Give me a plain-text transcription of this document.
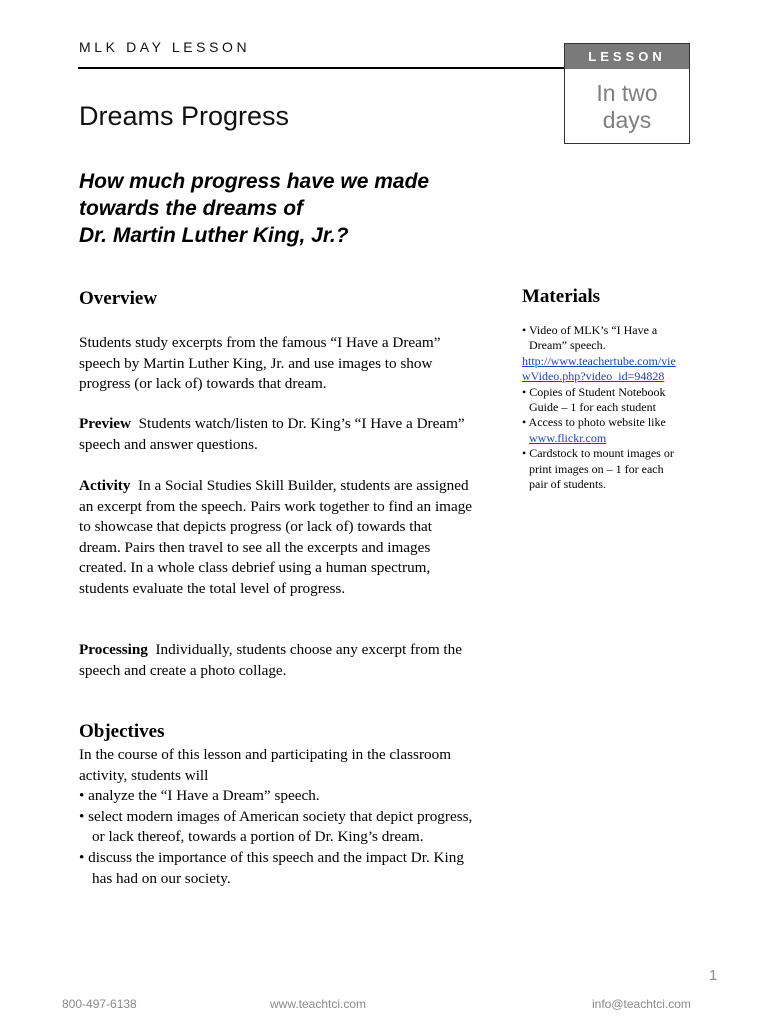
MLK DAY LESSON
LESSON
In two
days
Dreams Progress
How much progress have we made
towards the dreams of
Dr. Martin Luther King, Jr.?
Overview
Students study excerpts from the famous “I Have a Dream” speech by Martin Luther King, Jr. and use images to show progress (or lack of) towards that dream.
Preview Students watch/listen to Dr. King’s “I Have a Dream” speech and answer questions.
Activity In a Social Studies Skill Builder, students are assigned an excerpt from the speech. Pairs work together to find an image to showcase that depicts progress (or lack of) towards that dream. Pairs then travel to see all the excerpts and images created. In a whole class debrief using a human spectrum, students evaluate the total level of progress.
Processing Individually, students choose any excerpt from the speech and create a photo collage.
Objectives
In the course of this lesson and participating in the classroom activity, students will
• analyze the “I Have a Dream” speech.
• select modern images of American society that depict progress, or lack thereof, towards a portion of Dr. King’s dream.
• discuss the importance of this speech and the impact Dr. King has had on our society.
Materials
• Video of MLK’s “I Have a Dream” speech.
http://www.teachertube.com/viewVideo.php?video_id=94828
• Copies of Student Notebook Guide – 1 for each student
• Access to photo website like
www.flickr.com
• Cardstock to mount images or print images on – 1 for each pair of students.
1
800-497-6138	www.teachtci.com	info@teachtci.com
